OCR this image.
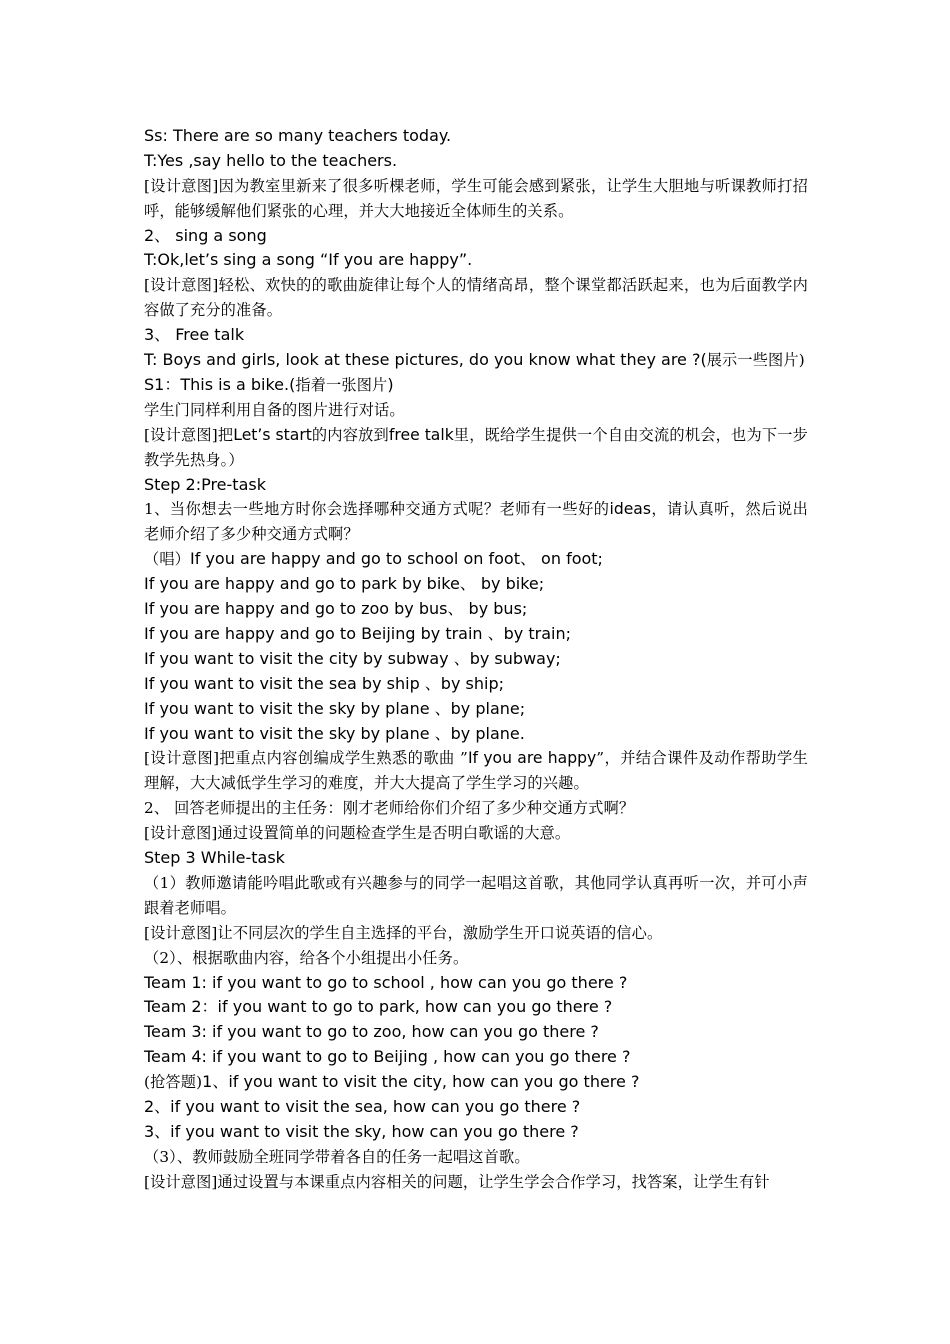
Ss: There are so many teachers today.
T:Yes ,say hello to the teachers.
[设计意图]因为教室里新来了很多听棵老师，学生可能会感到紧张，让学生大胆地与听课教师打招呼，能够缓解他们紧张的心理，并大大地接近全体师生的关系。
2、 sing a song
T:Ok,let’s sing a song “If you are happy”.
[设计意图]轻松、欢快的的歌曲旋律让每个人的情绪高昂，整个课堂都活跃起来，也为后面教学内容做了充分的准备。
3、 Free talk
T: Boys and girls, look at these pictures, do you know what they are ?(展示一些图片)
S1：This is a bike.(指着一张图片)
学生门同样利用自备的图片进行对话。
[设计意图]把Let’s start的内容放到free talk里，既给学生提供一个自由交流的机会，也为下一步教学先热身。）
Step 2:Pre-task
1、当你想去一些地方时你会选择哪种交通方式呢？老师有一些好的ideas，请认真听，然后说出老师介绍了多少种交通方式啊？
（唱）If you are happy and go to school on foot、 on foot;
If you are happy and go to park by bike、 by bike;
If you are happy and go to zoo by bus、 by bus;
If you are happy and go to Beijing by train 、by train;
If you want to visit the city by subway 、by subway;
If you want to visit the sea by ship 、by ship;
If you want to visit the sky by plane 、by plane;
If you want to visit the sky by plane 、by plane.
[设计意图]把重点内容创编成学生熟悉的歌曲 ”If you are happy”，并结合课件及动作帮助学生理解，大大减低学生学习的难度，并大大提高了学生学习的兴趣。
2、 回答老师提出的主任务：刚才老师给你们介绍了多少种交通方式啊？
[设计意图]通过设置简单的问题检查学生是否明白歌谣的大意。
Step 3 While-task
（1）教师邀请能吟唱此歌或有兴趣参与的同学一起唱这首歌，其他同学认真再听一次，并可小声跟着老师唱。
[设计意图]让不同层次的学生自主选择的平台，激励学生开口说英语的信心。
（2）、根据歌曲内容，给各个小组提出小任务。
Team 1: if you want to go to school , how can you go there ?
Team 2：if you want to go to park, how can you go there ?
Team 3: if you want to go to zoo, how can you go there ?
Team 4: if you want to go to Beijing , how can you go there ?
(抢答题)1、if you want to visit the city, how can you go there ?
2、if you want to visit the sea, how can you go there ?
3、if you want to visit the sky, how can you go there ?
（3）、教师鼓励全班同学带着各自的任务一起唱这首歌。
[设计意图]通过设置与本课重点内容相关的问题，让学生学会合作学习，找答案，让学生有针
